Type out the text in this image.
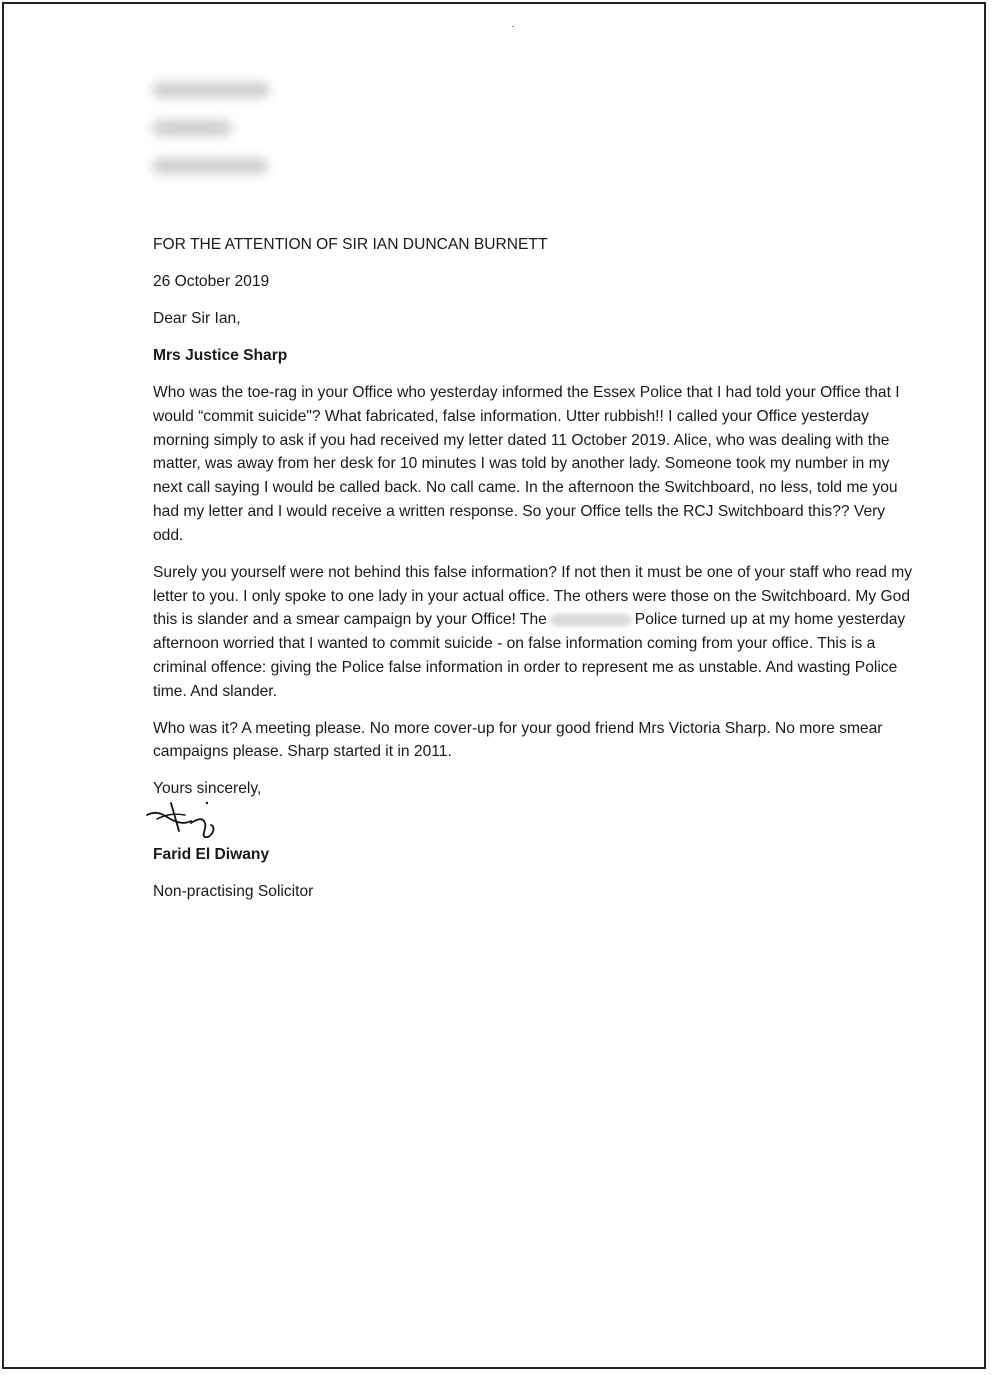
FOR THE ATTENTION OF SIR IAN DUNCAN BURNETT

26 October 2019

Dear Sir Ian,

Mrs Justice Sharp

Who was the toe-rag in your Office who yesterday informed the Essex Police that I had told your Office that I would “commit suicide"? What fabricated, false information. Utter rubbish!! I called your Office yesterday morning simply to ask if you had received my letter dated 11 October 2019. Alice, who was dealing with the matter, was away from her desk for 10 minutes I was told by another lady. Someone took my number in my next call saying I would be called back. No call came. In the afternoon the Switchboard, no less, told me you had my letter and I would receive a written response. So your Office tells the RCJ Switchboard this?? Very odd.

Surely you yourself were not behind this false information? If not then it must be one of your staff who read my letter to you. I only spoke to one lady in your actual office. The others were those on the Switchboard. My God this is slander and a smear campaign by your Office! The	Police turned up at my home yesterday afternoon worried that I wanted to commit suicide - on false information coming from your office. This is a criminal offence: giving the Police false information in order to represent me as unstable. And wasting Police time. And slander.

Who was it? A meeting please. No more cover-up for your good friend Mrs Victoria Sharp. No more smear campaigns please. Sharp started it in 2011.

Yours sincerely,

Farid El Diwany

Non-practising Solicitor
